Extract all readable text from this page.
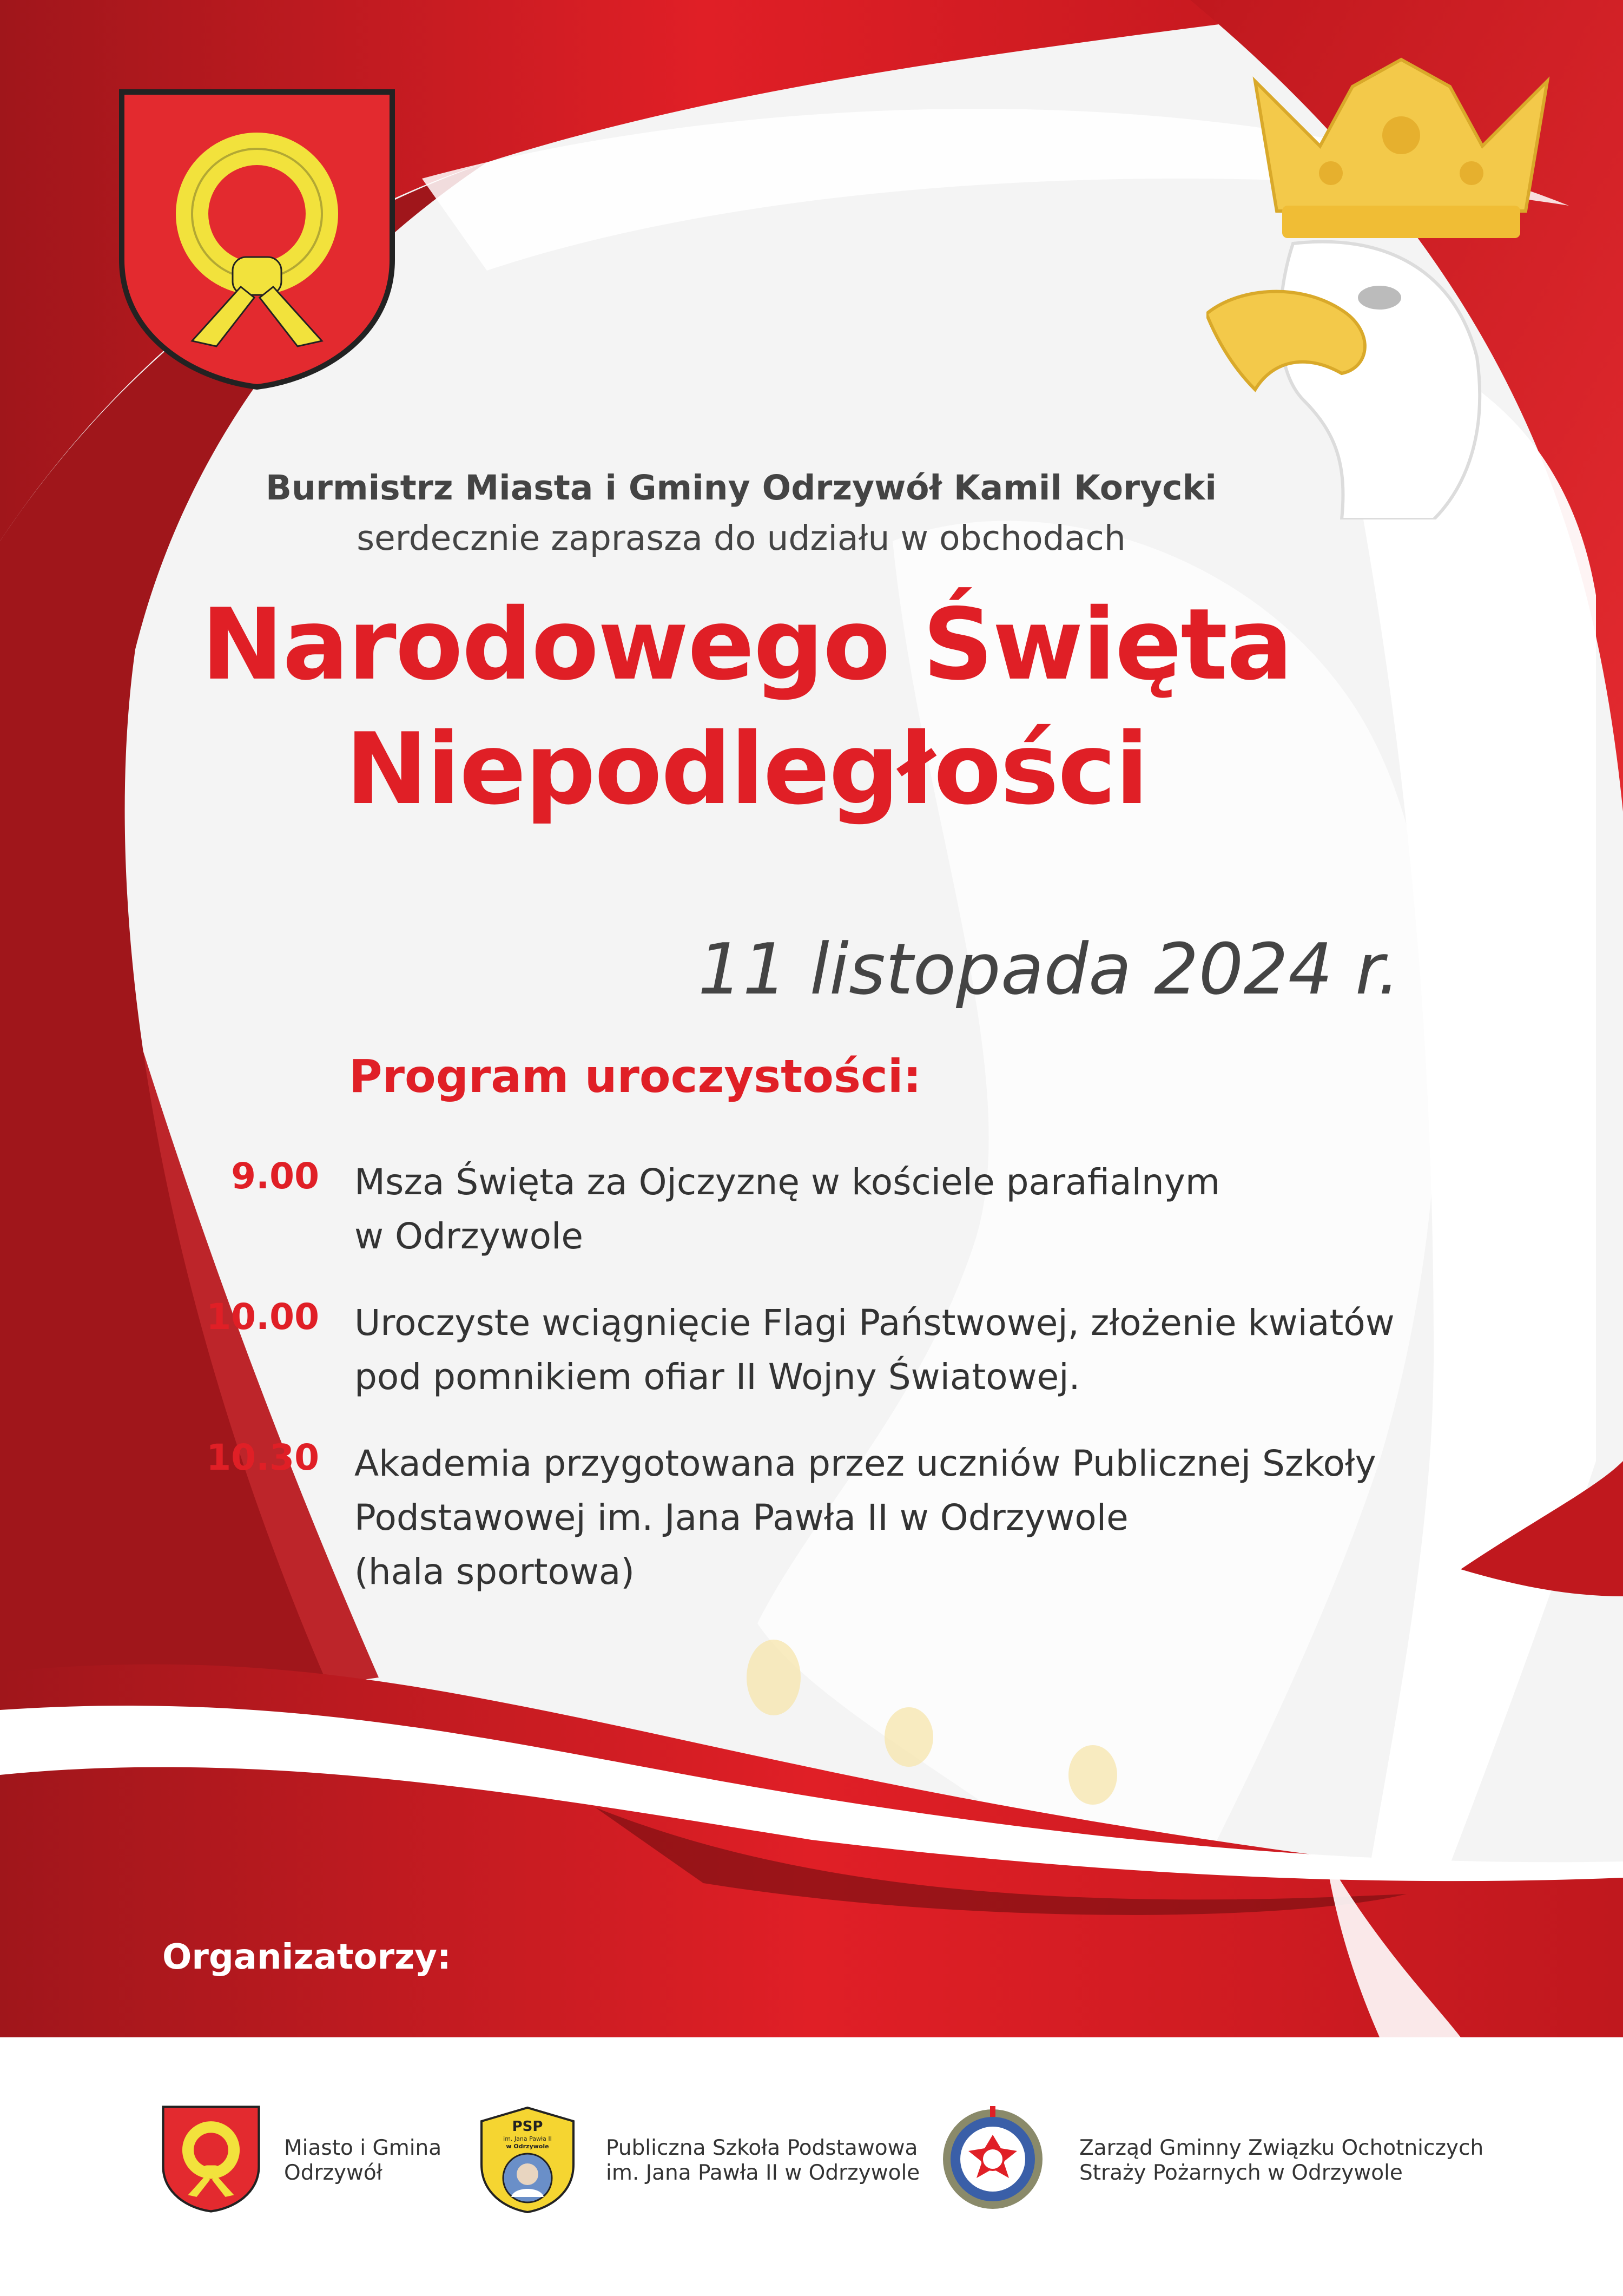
Burmistrz Miasta i Gminy Odrzywół Kamil Korycki
serdecznie zaprasza do udziału w obchodach
Narodowego Święta
Niepodległości
11 listopada 2024 r.
Program uroczystości:
9.00 Msza Święta za Ojczyznę w kościele parafialnym
w Odrzywole
10.00 Uroczyste wciągnięcie Flagi Państwowej, złożenie kwiatów
pod pomnikiem ofiar II Wojny Światowej.
10.30 Akademia przygotowana przez uczniów Publicznej Szkoły
Podstawowej im. Jana Pawła II w Odrzywole
(hala sportowa)
Organizatorzy:
Miasto i Gmina
Odrzywół
PSP
im. Jana Pawła II
w Odrzywole	Publiczna Szkoła Podstawowa
im. Jana Pawła II w Odrzywole
Zarząd Gminny Związku Ochotniczych
Straży Pożarnych w Odrzywole
